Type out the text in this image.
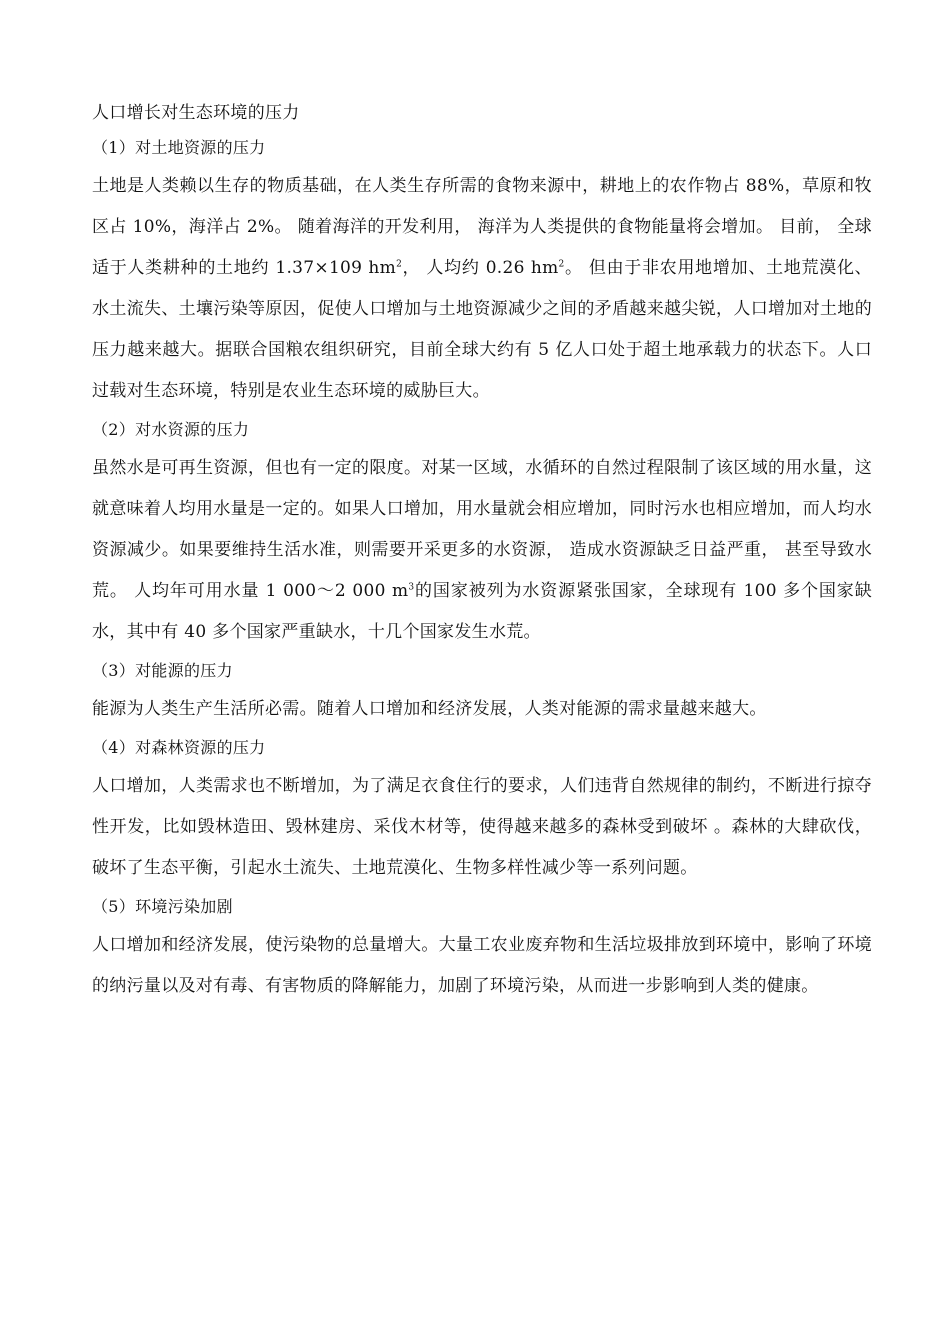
人口增长对生态环境的压力
（1）对土地资源的压力

土地是人类赖以生存的物质基础，在人类生存所需的食物来源中，耕地上的农作物占 88%，草原和牧区占 10%，海洋占 2%。 随着海洋的开发利用， 海洋为人类提供的食物能量将会增加。 目前， 全球适于人类耕种的土地约 1.37×109 $hm^2$， 人均约 0.26 $hm^2$。 但由于非农用地增加、土地荒漠化、水土流失、土壤污染等原因，促使人口增加与土地资源减少之间的矛盾越来越尖锐，人口增加对土地的压力越来越大。据联合国粮农组织研究，目前全球大约有 5 亿人口处于超土地承载力的状态下。人口过载对生态环境，特别是农业生态环境的威胁巨大。

（2）对水资源的压力

虽然水是可再生资源，但也有一定的限度。对某一区域，水循环的自然过程限制了该区域的用水量，这就意味着人均用水量是一定的。如果人口增加，用水量就会相应增加，同时污水也相应增加，而人均水资源减少。如果要维持生活水准，则需要开采更多的水资源， 造成水资源缺乏日益严重， 甚至导致水荒。 人均年可用水量 1 000～2 000 $m^3$的国家被列为水资源紧张国家，全球现有 100 多个国家缺水，其中有 40 多个国家严重缺水，十几个国家发生水荒。

（3）对能源的压力

能源为人类生产生活所必需。随着人口增加和经济发展，人类对能源的需求量越来越大。

（4）对森林资源的压力

人口增加，人类需求也不断增加，为了满足衣食住行的要求，人们违背自然规律的制约，不断进行掠夺性开发，比如毁林造田、毁林建房、采伐木材等，使得越来越多的森林受到破坏 。森林的大肆砍伐，破坏了生态平衡，引起水土流失、土地荒漠化、生物多样性减少等一系列问题。

（5）环境污染加剧

人口增加和经济发展，使污染物的总量增大。大量工农业废弃物和生活垃圾排放到环境中，影响了环境的纳污量以及对有毒、有害物质的降解能力，加剧了环境污染，从而进一步影响到人类的健康。
